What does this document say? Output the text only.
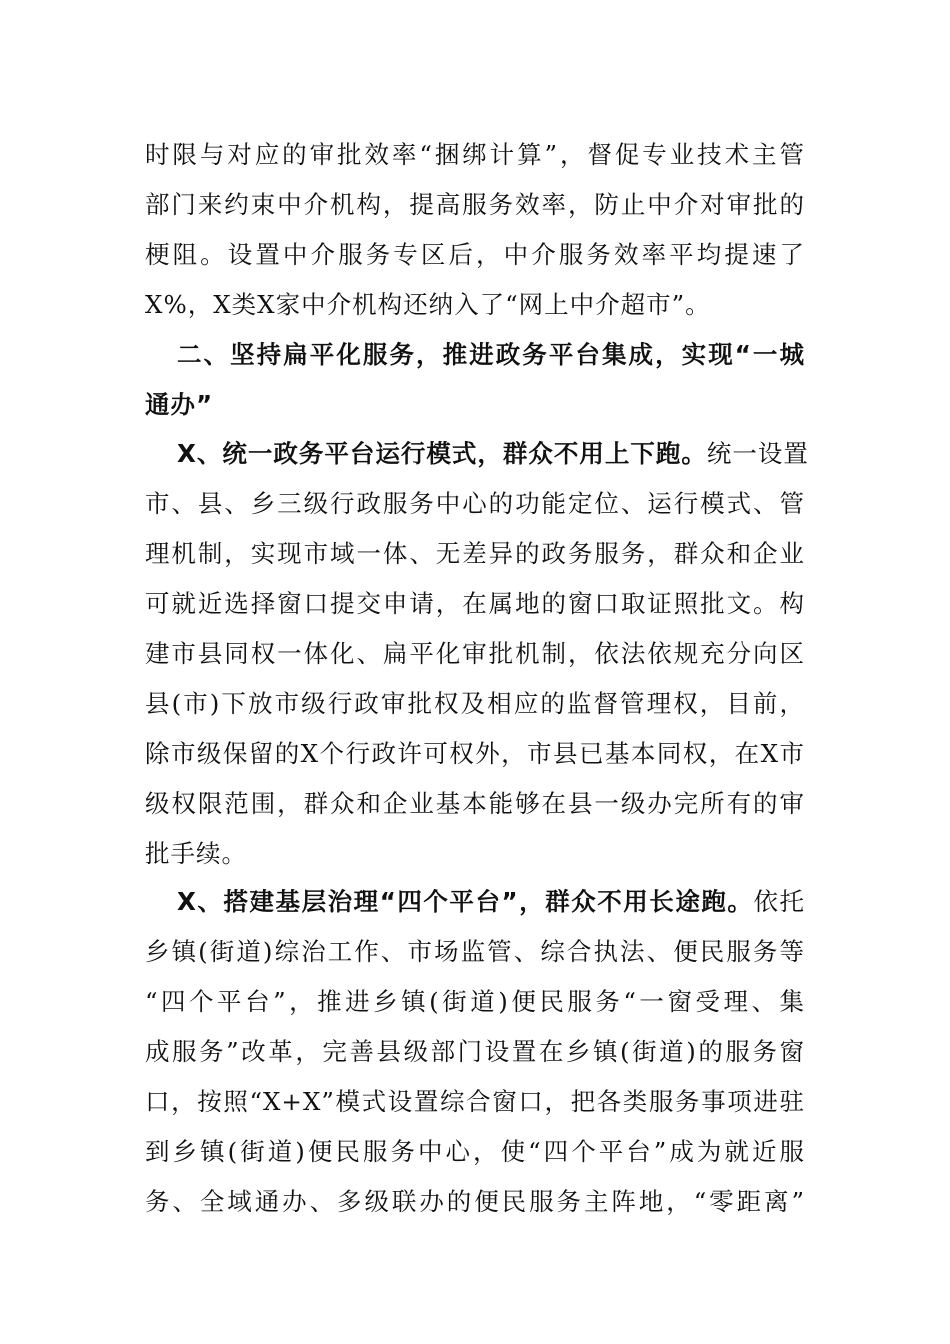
时限与对应的审批效率“捆绑计算”，督促专业技术主管
部门来约束中介机构，提高服务效率，防止中介对审批的
梗阻。设置中介服务专区后，中介服务效率平均提速了
X%，X类X家中介机构还纳入了“网上中介超市”。
二、坚持扁平化服务，推进政务平台集成，实现“一城
通办”
X、统一政务平台运行模式，群众不用上下跑。统一设置
市、县、乡三级行政服务中心的功能定位、运行模式、管
理机制，实现市域一体、无差异的政务服务，群众和企业
可就近选择窗口提交申请，在属地的窗口取证照批文。构
建市县同权一体化、扁平化审批机制，依法依规充分向区
县(市)下放市级行政审批权及相应的监督管理权，目前，
除市级保留的X个行政许可权外，市县已基本同权，在X市
级权限范围，群众和企业基本能够在县一级办完所有的审
批手续。
X、搭建基层治理“四个平台”，群众不用长途跑。依托
乡镇(街道)综治工作、市场监管、综合执法、便民服务等
“四个平台”，推进乡镇(街道)便民服务“一窗受理、集
成服务”改革，完善县级部门设置在乡镇(街道)的服务窗
口，按照“X+X”模式设置综合窗口，把各类服务事项进驻
到乡镇(街道)便民服务中心，使“四个平台”成为就近服
务、全域通办、多级联办的便民服务主阵地，“零距离”
